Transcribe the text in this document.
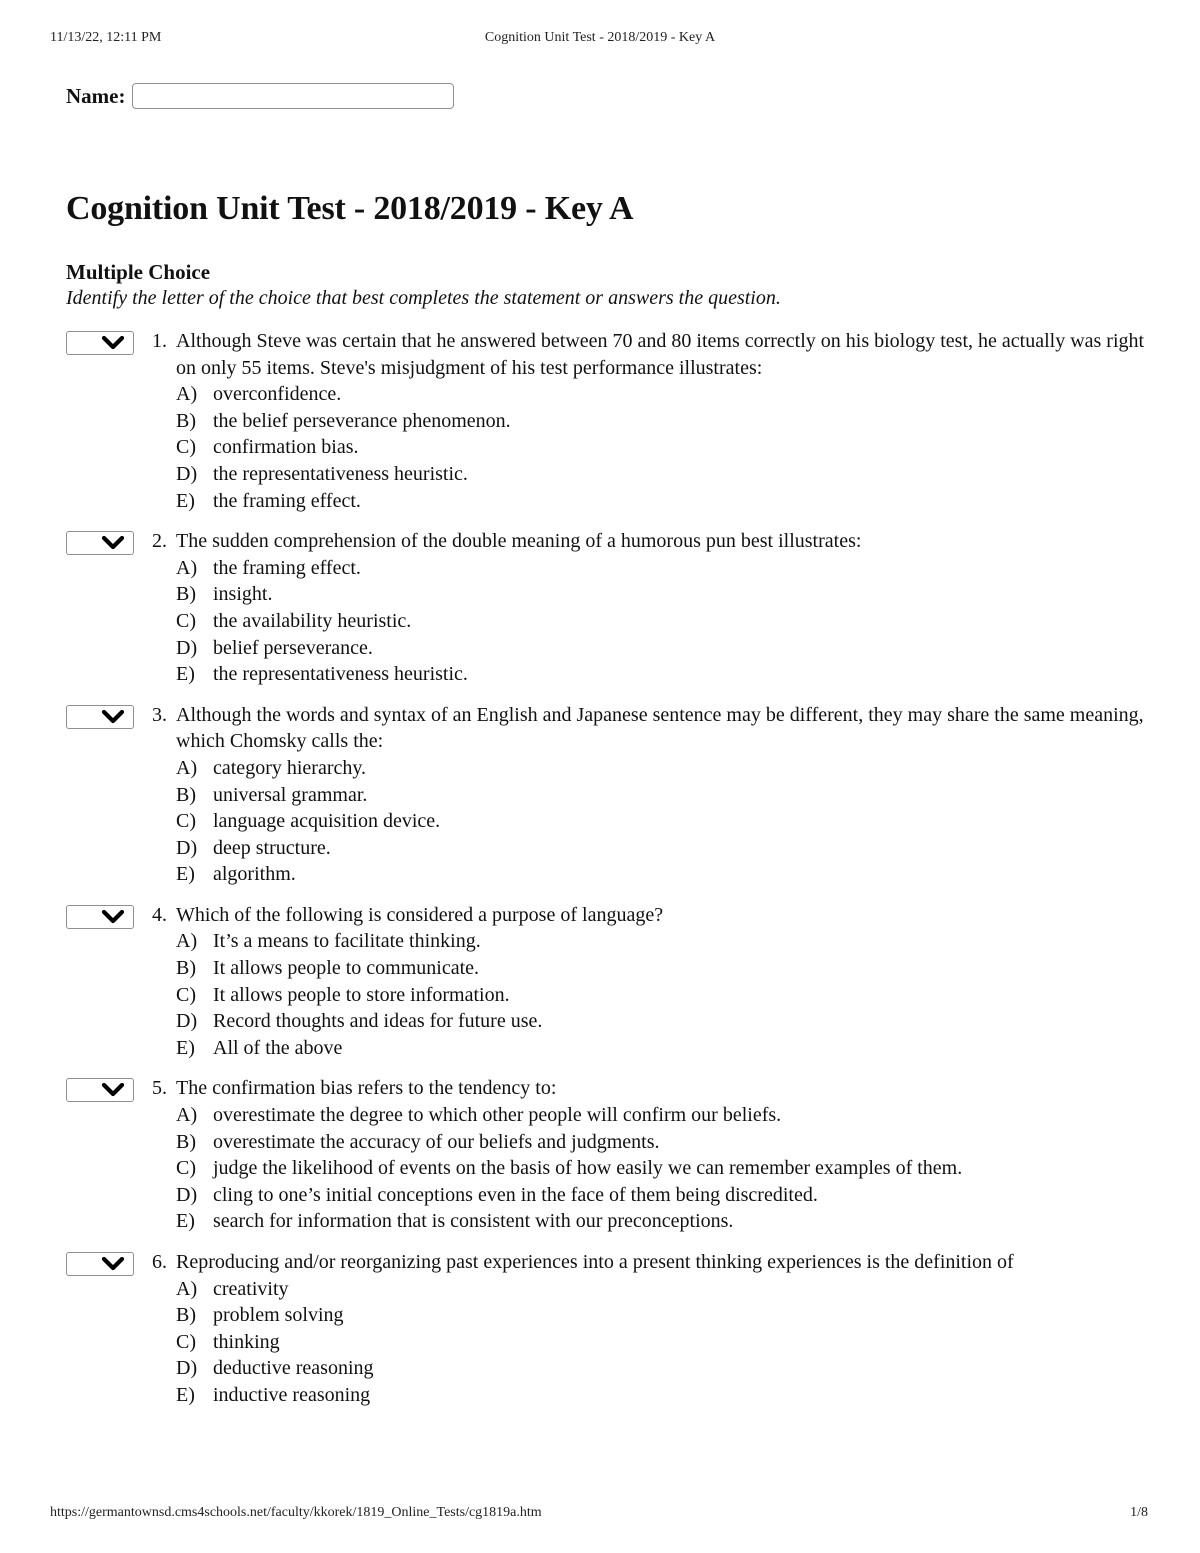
11/13/22, 12:11 PM	Cognition Unit Test - 2018/2019 - Key A
Name:
Cognition Unit Test - 2018/2019 - Key A
Multiple Choice
Identify the letter of the choice that best completes the statement or answers the question.
1. Although Steve was certain that he answered between 70 and 80 items correctly on his biology test, he actually was right on only 55 items. Steve's misjudgment of his test performance illustrates:
A) overconfidence.
B) the belief perseverance phenomenon.
C) confirmation bias.
D) the representativeness heuristic.
E) the framing effect.
2. The sudden comprehension of the double meaning of a humorous pun best illustrates:
A) the framing effect.
B) insight.
C) the availability heuristic.
D) belief perseverance.
E) the representativeness heuristic.
3. Although the words and syntax of an English and Japanese sentence may be different, they may share the same meaning, which Chomsky calls the:
A) category hierarchy.
B) universal grammar.
C) language acquisition device.
D) deep structure.
E) algorithm.
4. Which of the following is considered a purpose of language?
A) It’s a means to facilitate thinking.
B) It allows people to communicate.
C) It allows people to store information.
D) Record thoughts and ideas for future use.
E) All of the above
5. The confirmation bias refers to the tendency to:
A) overestimate the degree to which other people will confirm our beliefs.
B) overestimate the accuracy of our beliefs and judgments.
C) judge the likelihood of events on the basis of how easily we can remember examples of them.
D) cling to one’s initial conceptions even in the face of them being discredited.
E) search for information that is consistent with our preconceptions.
6. Reproducing and/or reorganizing past experiences into a present thinking experiences is the definition of
A) creativity
B) problem solving
C) thinking
D) deductive reasoning
E) inductive reasoning
https://germantownsd.cms4schools.net/faculty/kkorek/1819_Online_Tests/cg1819a.htm	1/8
